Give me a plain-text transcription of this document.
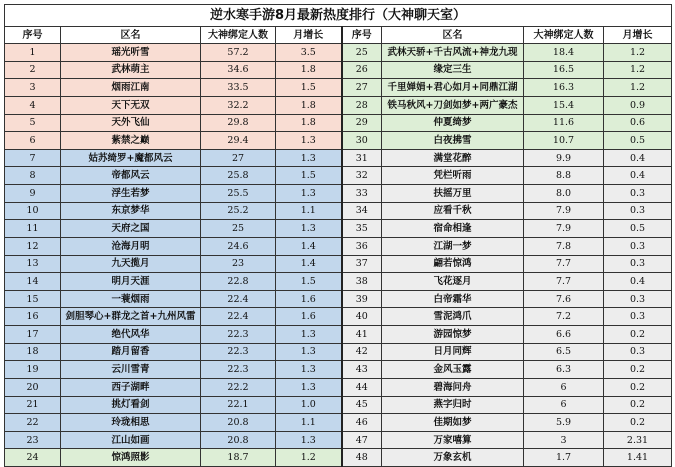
逆水寒手游8月最新热度排行（大神聊天室）
序号	区名	大神绑定人数	月增长	序号	区名	大神绑定人数	月增长
1	瑶光听雪	57.2	3.5	25	武林天骄+千古风流+神龙九现	18.4	1.2
2	武林萌主	34.6	1.8	26	缘定三生	16.5	1.2
3	烟雨江南	33.5	1.5	27	千里婵娟+君心如月+同鼎江湖	16.3	1.2
4	天下无双	32.2	1.8	28	铁马秋风+刀剑如梦+两广豪杰	15.4	0.9
5	天外飞仙	29.8	1.8	29	仲夏绮梦	11.6	0.6
6	紫禁之巅	29.4	1.3	30	白夜拂雪	10.7	0.5
7	姑苏绮罗+魔都风云	27	1.3	31	满堂花醉	9.9	0.4
8	帝都风云	25.8	1.5	32	凭栏听雨	8.8	0.4
9	浮生若梦	25.5	1.3	33	扶摇万里	8.0	0.3
10	东京梦华	25.2	1.1	34	应看千秋	7.9	0.3
11	天府之国	25	1.3	35	宿命相逢	7.9	0.5
12	沧海月明	24.6	1.4	36	江湖一梦	7.8	0.3
13	九天揽月	23	1.4	37	翩若惊鸿	7.7	0.3
14	明月天涯	22.8	1.5	38	飞花逐月	7.7	0.4
15	一蓑烟雨	22.4	1.6	39	白帝霜华	7.6	0.3
16	剑胆琴心+群龙之首+九州风雷	22.4	1.6	40	雪泥鸿爪	7.2	0.3
17	绝代风华	22.3	1.3	41	游园惊梦	6.6	0.2
18	踏月留香	22.3	1.3	42	日月同辉	6.5	0.3
19	云川雪青	22.3	1.3	43	金风玉露	6.3	0.2
20	西子湖畔	22.2	1.3	44	碧海问舟	6	0.2
21	挑灯看剑	22.1	1.0	45	燕字归时	6	0.2
22	玲珑相思	20.8	1.1	46	佳期如梦	5.9	0.2
23	江山如画	20.8	1.3	47	万家嘻算	3	2.31
24	惊鸿照影	18.7	1.2	48	万象玄机	1.7	1.41
